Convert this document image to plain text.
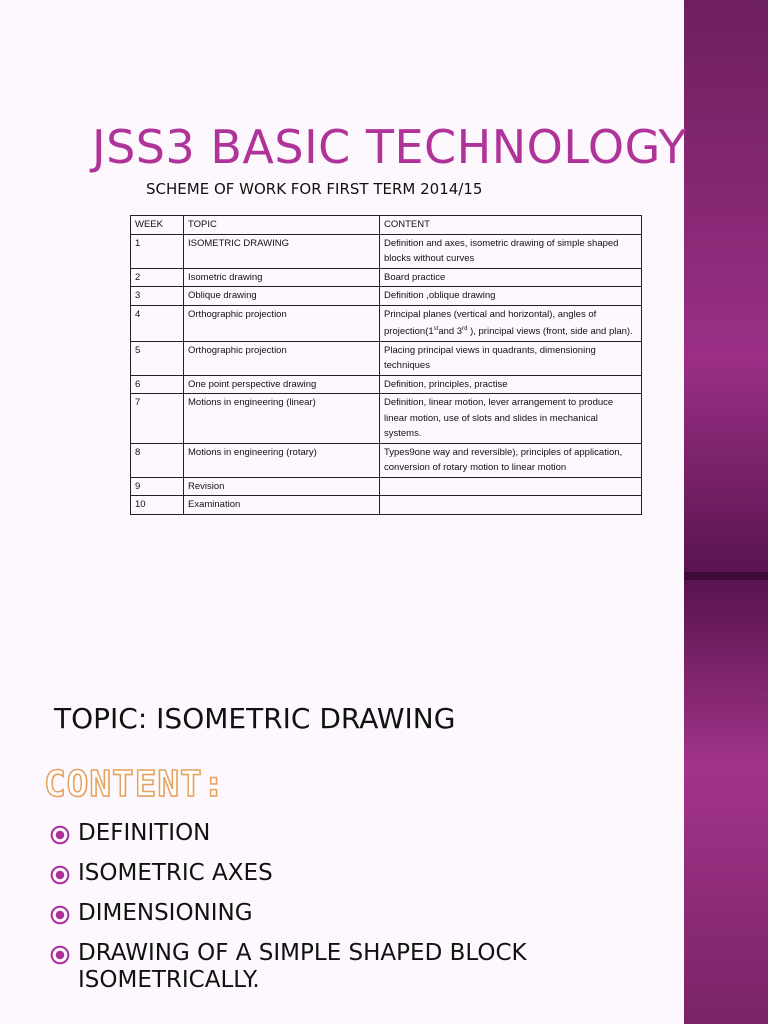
JSS3 BASIC TECHNOLOGY
SCHEME OF WORK FOR FIRST TERM 2014/15
WEEK	TOPIC	CONTENT
1	ISOMETRIC DRAWING	Definition and axes, isometric drawing of simple shaped blocks without curves
2	Isometric drawing	Board practice
3	Oblique drawing	Definition ,oblique drawing
4	Orthographic projection	Principal planes (vertical and horizontal), angles of projection(1stand 3rd ), principal views (front, side and plan).
5	Orthographic projection	Placing principal views in quadrants, dimensioning techniques
6	One point perspective drawing	Definition, principles, practise
7	Motions in engineering (linear)	Definition, linear motion, lever arrangement to produce linear motion, use of slots and slides in mechanical systems.
8	Motions in engineering (rotary)	Types9one way and reversible), principles of application, conversion of rotary motion to linear motion
9	Revision	
10	Examination	
TOPIC: ISOMETRIC DRAWING
CONTENT:
DEFINITION
ISOMETRIC AXES
DIMENSIONING
DRAWING OF A SIMPLE SHAPED BLOCK ISOMETRICALLY.
